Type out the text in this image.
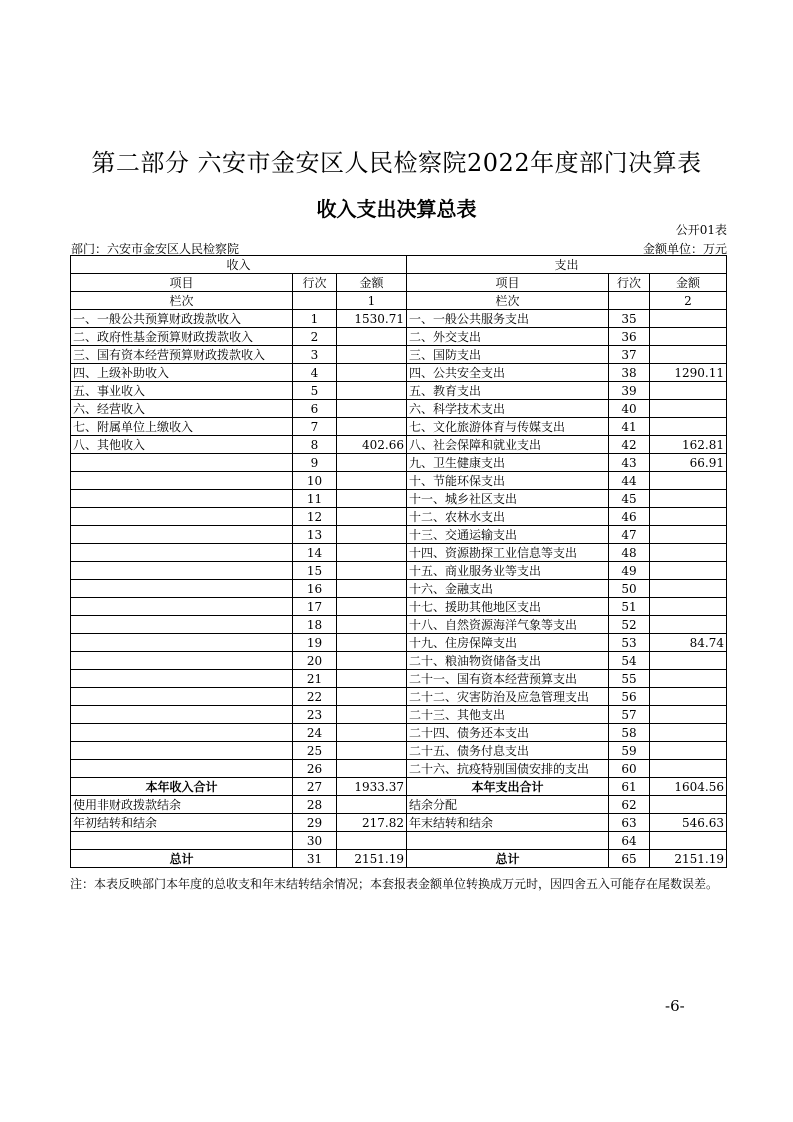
第二部分 六安市金安区人民检察院2022年度部门决算表
收入支出决算总表
公开01表
部门：六安市金安区人民检察院	金额单位：万元
收入			支出		
项目	行次	金额	项目	行次	金额
栏次		1	栏次		2
一、一般公共预算财政拨款收入	1	1530.71	一、一般公共服务支出	35	
二、政府性基金预算财政拨款收入	2		二、外交支出	36	
三、国有资本经营预算财政拨款收入	3		三、国防支出	37	
四、上级补助收入	4		四、公共安全支出	38	1290.11
五、事业收入	5		五、教育支出	39	
六、经营收入	6		六、科学技术支出	40	
七、附属单位上缴收入	7		七、文化旅游体育与传媒支出	41	
八、其他收入	8	402.66	八、社会保障和就业支出	42	162.81
	9		九、卫生健康支出	43	66.91
	10		十、节能环保支出	44	
	11		十一、城乡社区支出	45	
	12		十二、农林水支出	46	
	13		十三、交通运输支出	47	
	14		十四、资源勘探工业信息等支出	48	
	15		十五、商业服务业等支出	49	
	16		十六、金融支出	50	
	17		十七、援助其他地区支出	51	
	18		十八、自然资源海洋气象等支出	52	
	19		十九、住房保障支出	53	84.74
	20		二十、粮油物资储备支出	54	
	21		二十一、国有资本经营预算支出	55	
	22		二十二、灾害防治及应急管理支出	56	
	23		二十三、其他支出	57	
	24		二十四、债务还本支出	58	
	25		二十五、债务付息支出	59	
	26		二十六、抗疫特别国债安排的支出	60	
本年收入合计	27	1933.37	本年支出合计	61	1604.56
使用非财政拨款结余	28		结余分配	62	
年初结转和结余	29	217.82	年末结转和结余	63	546.63
	30			64	
总计	31	2151.19	总计	65	2151.19
注：本表反映部门本年度的总收支和年末结转结余情况；本套报表金额单位转换成万元时，因四舍五入可能存在尾数误差。
-6-
